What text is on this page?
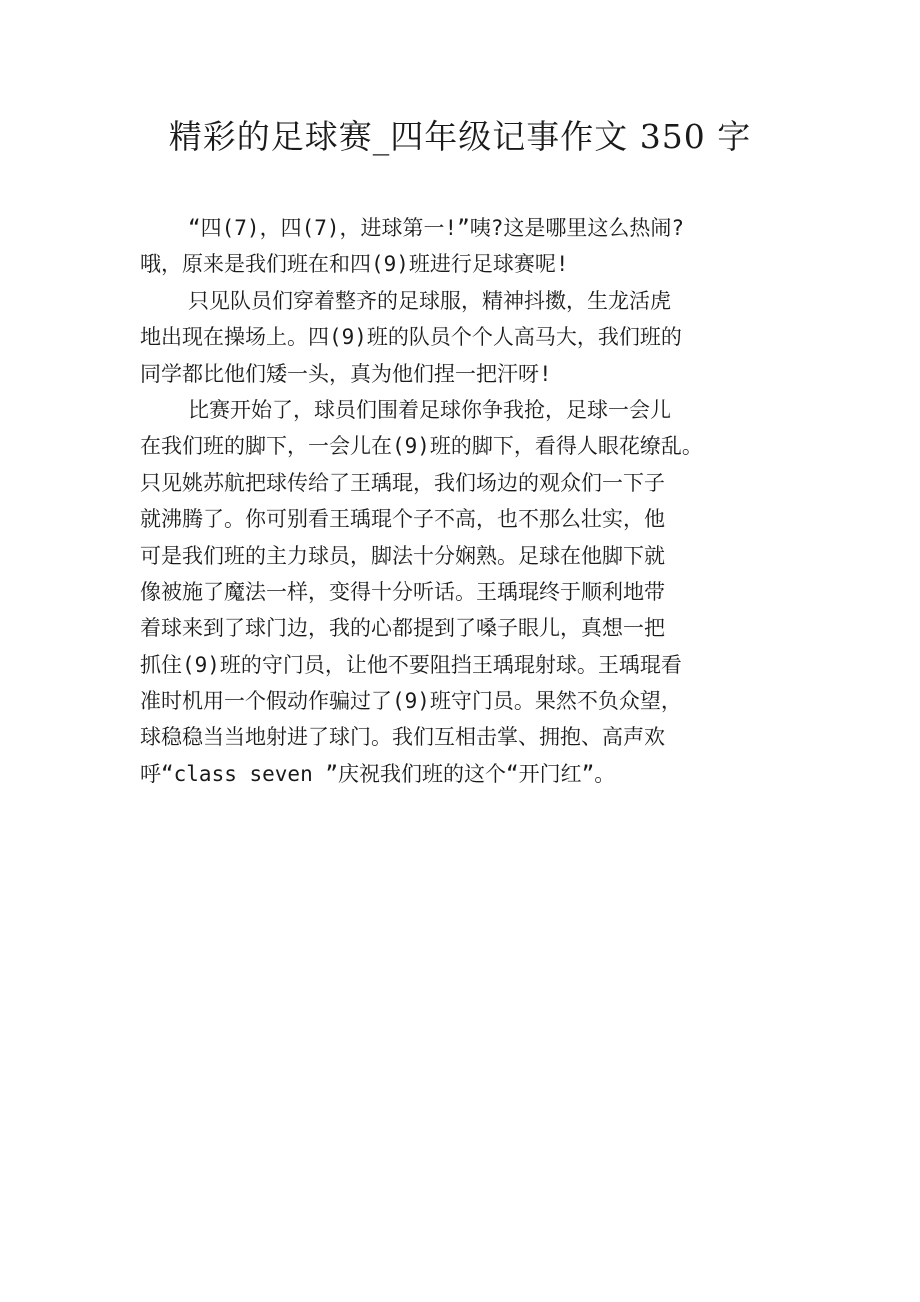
精彩的足球赛_四年级记事作文 350 字
“四(7)，四(7)，进球第一!”咦?这是哪里这么热闹?
哦，原来是我们班在和四(9)班进行足球赛呢!
只见队员们穿着整齐的足球服，精神抖擞，生龙活虎
地出现在操场上。四(9)班的队员个个人高马大，我们班的
同学都比他们矮一头，真为他们捏一把汗呀!
比赛开始了，球员们围着足球你争我抢，足球一会儿
在我们班的脚下，一会儿在(9)班的脚下，看得人眼花缭乱。
只见姚苏航把球传给了王瑀琨，我们场边的观众们一下子
就沸腾了。你可别看王瑀琨个子不高，也不那么壮实，他
可是我们班的主力球员，脚法十分娴熟。足球在他脚下就
像被施了魔法一样，变得十分听话。王瑀琨终于顺利地带
着球来到了球门边，我的心都提到了嗓子眼儿，真想一把
抓住(9)班的守门员，让他不要阻挡王瑀琨射球。王瑀琨看
准时机用一个假动作骗过了(9)班守门员。果然不负众望，
球稳稳当当地射进了球门。我们互相击掌、拥抱、高声欢
呼“class seven ”庆祝我们班的这个“开门红”。
